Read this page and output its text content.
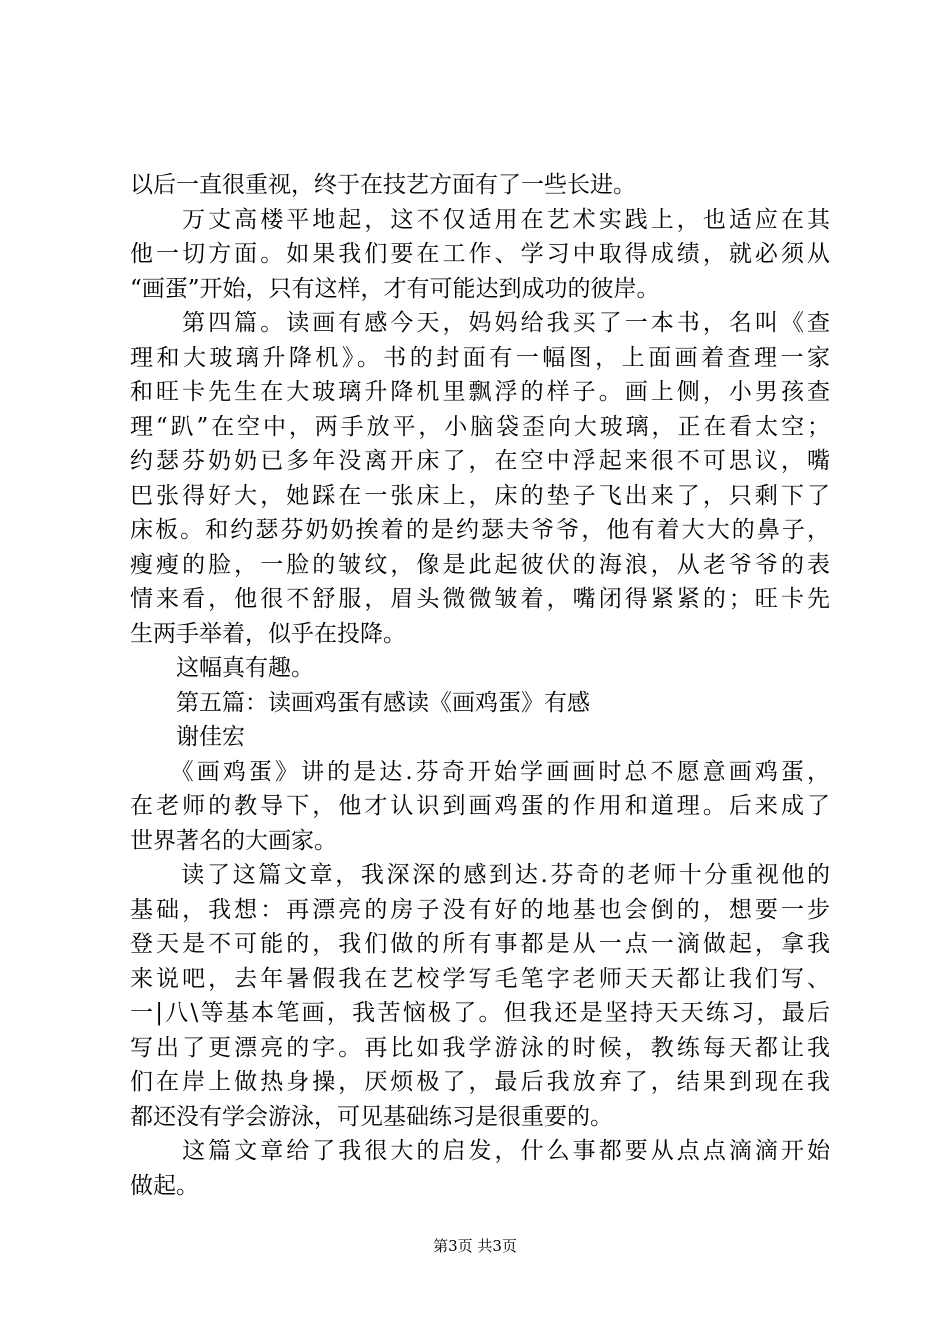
以后一直很重视，终于在技艺方面有了一些长进。
　　万丈高楼平地起，这不仅适用在艺术实践上，也适应在其
他一切方面。如果我们要在工作、学习中取得成绩，就必须从
“画蛋”开始，只有这样，才有可能达到成功的彼岸。
　　第四篇。读画有感今天，妈妈给我买了一本书，名叫《查
理和大玻璃升降机》。书的封面有一幅图，上面画着查理一家
和旺卡先生在大玻璃升降机里飘浮的样子。画上侧，小男孩查
理“趴”在空中，两手放平，小脑袋歪向大玻璃，正在看太空；
约瑟芬奶奶已多年没离开床了，在空中浮起来很不可思议，嘴
巴张得好大，她踩在一张床上，床的垫子飞出来了，只剩下了
床板。和约瑟芬奶奶挨着的是约瑟夫爷爷，他有着大大的鼻子，
瘦瘦的脸，一脸的皱纹，像是此起彼伏的海浪，从老爷爷的表
情来看，他很不舒服，眉头微微皱着，嘴闭得紧紧的；旺卡先
生两手举着，似乎在投降。
　　这幅真有趣。
　　第五篇：读画鸡蛋有感读《画鸡蛋》有感
　　谢佳宏
　　《画鸡蛋》讲的是达.芬奇开始学画画时总不愿意画鸡蛋，
在老师的教导下，他才认识到画鸡蛋的作用和道理。后来成了
世界著名的大画家。
　　读了这篇文章，我深深的感到达.芬奇的老师十分重视他的
基础，我想：再漂亮的房子没有好的地基也会倒的，想要一步
登天是不可能的，我们做的所有事都是从一点一滴做起，拿我
来说吧，去年暑假我在艺校学写毛笔字老师天天都让我们写、
一|八\等基本笔画，我苦恼极了。但我还是坚持天天练习，最后
写出了更漂亮的字。再比如我学游泳的时候，教练每天都让我
们在岸上做热身操，厌烦极了，最后我放弃了，结果到现在我
都还没有学会游泳，可见基础练习是很重要的。
　　这篇文章给了我很大的启发，什么事都要从点点滴滴开始
做起。
第3页 共3页
